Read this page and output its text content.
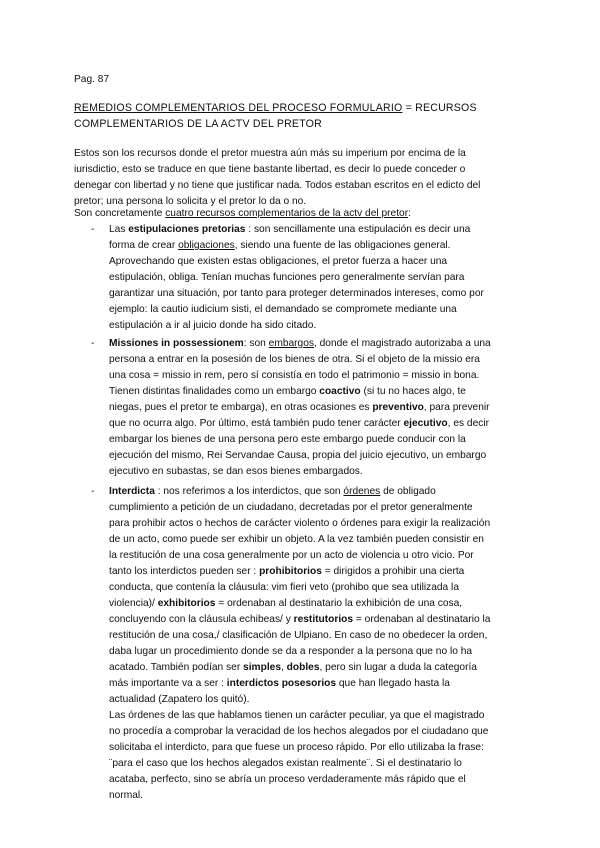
Pag. 87
REMEDIOS COMPLEMENTARIOS DEL PROCESO FORMULARIO = RECURSOS
COMPLEMENTARIOS DE LA ACTV DEL PRETOR
Estos son los recursos donde el pretor muestra aún más su imperium por encima de la
iurisdictio, esto se traduce en que tiene bastante libertad, es decir lo puede conceder o
denegar con libertad y no tiene que justificar nada. Todos estaban escritos en el edicto del
pretor; una persona lo solicita y el pretor lo da o no.
Son concretamente cuatro recursos complementarios de la actv del pretor:
- Las estipulaciones pretorias : son sencillamente una estipulación es decir una
forma de crear obligaciones, siendo una fuente de las obligaciones general.
Aprovechando que existen estas obligaciones, el pretor fuerza a hacer una
estipulación, obliga. Tenían muchas funciones pero generalmente servían para
garantizar una situación, por tanto para proteger determinados intereses, como por
ejemplo: la cautio iudicium sisti, el demandado se compromete mediante una
estipulación a ir al juicio donde ha sido citado.
- Missiones in possessionem: son embargos, donde el magistrado autorizaba a una
persona a entrar en la posesión de los bienes de otra. Si el objeto de la missio era
una cosa = missio in rem, pero sí consistía en todo el patrimonio = missio in bona.
Tienen distintas finalidades como un embargo coactivo (si tu no haces algo, te
niegas, pues el pretor te embarga), en otras ocasiones es preventivo, para prevenir
que no ocurra algo. Por último, está también pudo tener carácter ejecutivo, es decir
embargar los bienes de una persona pero este embargo puede conducir con la
ejecución del mismo, Rei Servandae Causa, propia del juicio ejecutivo, un embargo
ejecutivo en subastas, se dan esos bienes embargados.
- Interdicta : nos referimos a los interdictos, que son órdenes de obligado
cumplimiento a petición de un ciudadano, decretadas por el pretor generalmente
para prohibir actos o hechos de carácter violento o órdenes para exigir la realización
de un acto, como puede ser exhibir un objeto. A la vez también pueden consistir en
la restitución de una cosa generalmente por un acto de violencia u otro vicio. Por
tanto los interdictos pueden ser : prohibitorios = dirigidos a prohibir una cierta
conducta, que contenía la cláusula: vim fieri veto (prohibo que sea utilizada la
violencia)/ exhibitorios = ordenaban al destinatario la exhibición de una cosa,
concluyendo con la cláusula echibeas/ y restitutorios = ordenaban al destinatario la
restitución de una cosa,/ clasificación de Ulpiano. En caso de no obedecer la orden,
daba lugar un procedimiento donde se da a responder a la persona que no lo ha
acatado. También podían ser simples, dobles, pero sin lugar a duda la categoría
más importante va a ser : interdictos posesorios que han llegado hasta la
actualidad (Zapatero los quitó).
Las órdenes de las que hablamos tienen un carácter peculiar, ya que el magistrado
no procedía a comprobar la veracidad de los hechos alegados por el ciudadano que
solicitaba el interdicto, para que fuese un proceso rápido. Por ello utilizaba la frase:
¨para el caso que los hechos alegados existan realmente¨. Si el destinatario lo
acataba, perfecto, sino se abría un proceso verdaderamente más rápido que el
normal.
